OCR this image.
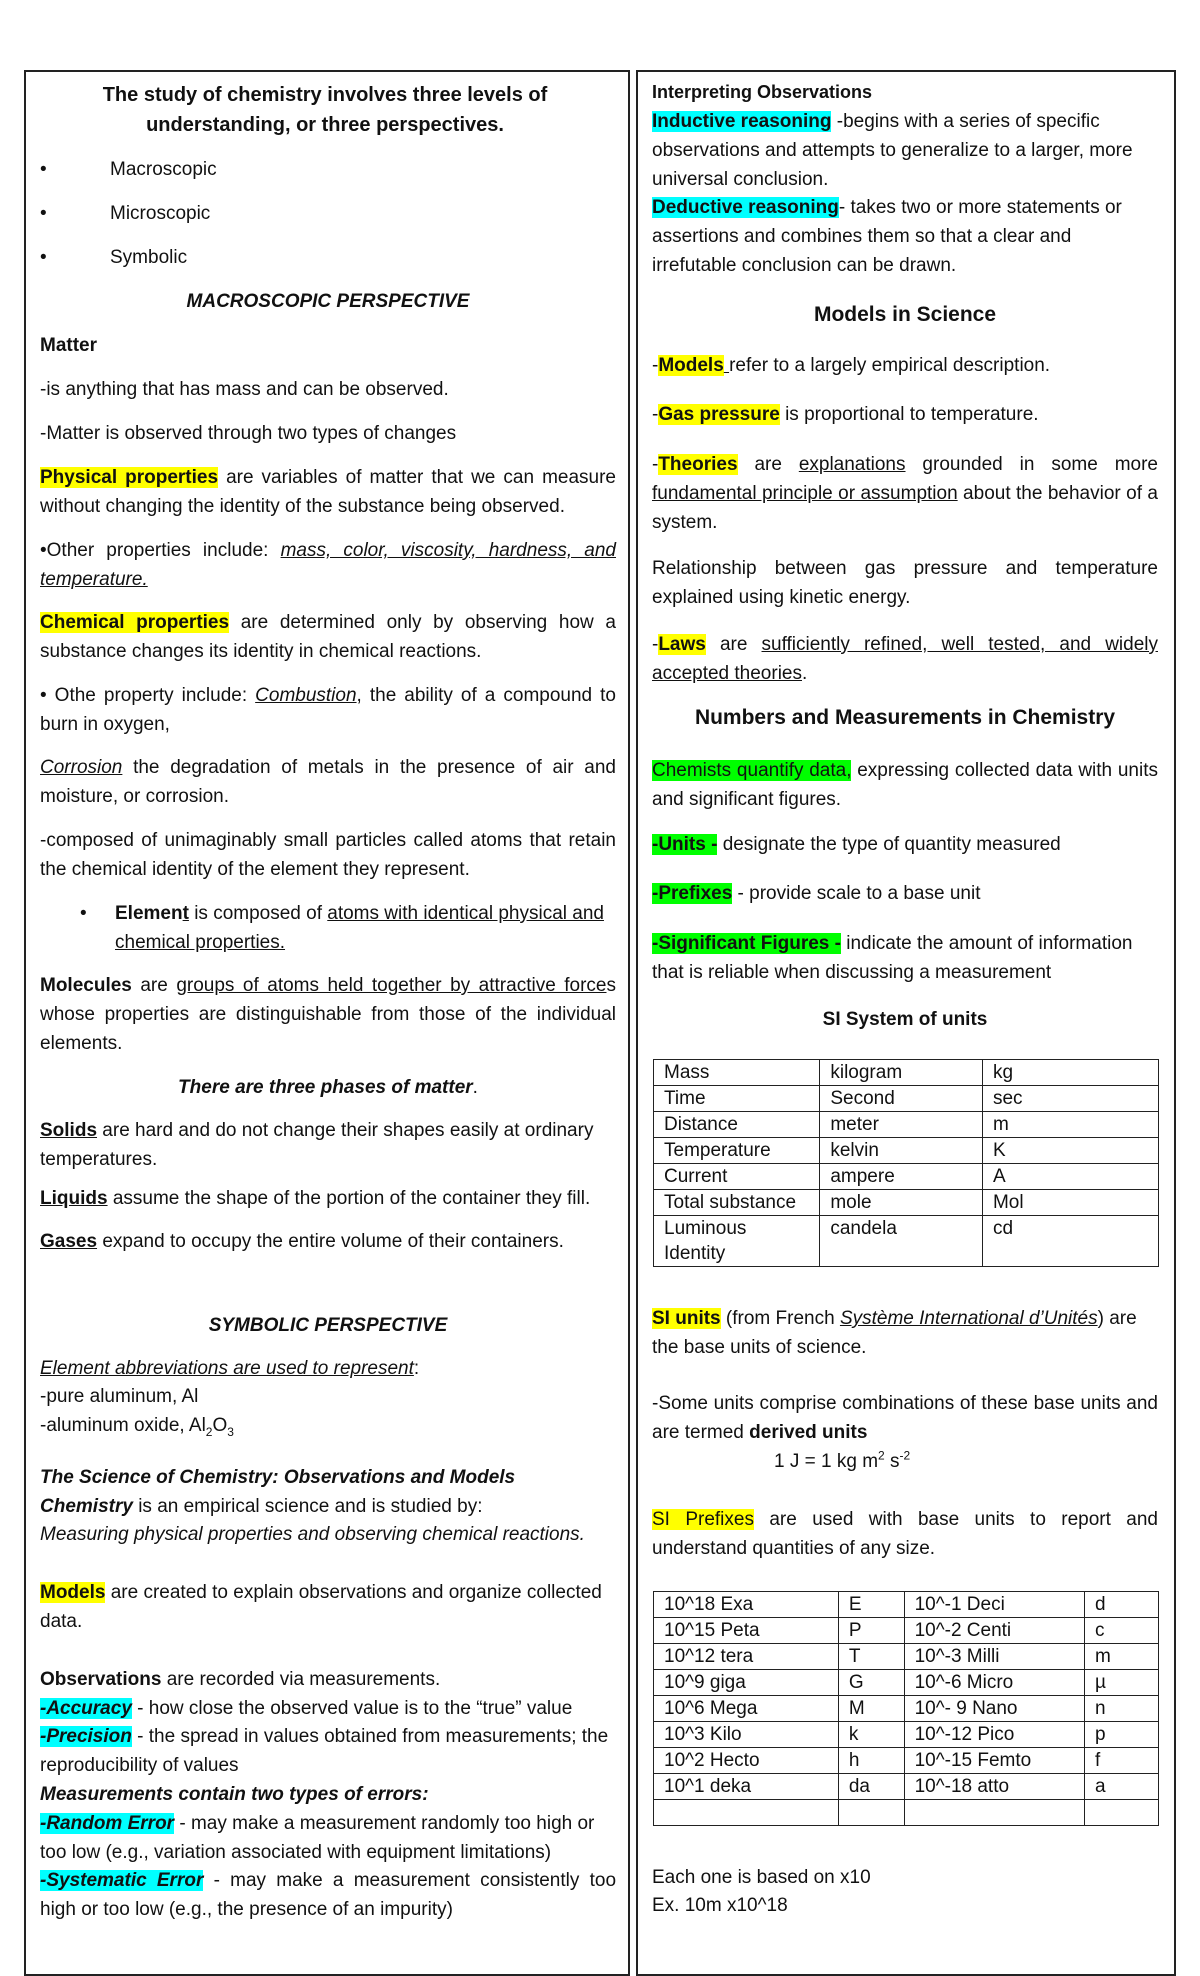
The study of chemistry involves three levels of understanding, or three perspectives.
•	Macroscopic
•	Microscopic
•	Symbolic
MACROSCOPIC PERSPECTIVE
Matter
-is anything that has mass and can be observed.
-Matter is observed through two types of changes
Physical properties are variables of matter that we can measure without changing the identity of the substance being observed.
•Other properties include: mass, color, viscosity, hardness, and temperature.
Chemical properties are determined only by observing how a substance changes its identity in chemical reactions.
• Othe property include: Combustion, the ability of a compound to burn in oxygen,
Corrosion the degradation of metals in the presence of air and moisture, or corrosion.
-composed of unimaginably small particles called atoms that retain the chemical identity of the element they represent.
• Element is composed of atoms with identical physical and chemical properties.
Molecules are groups of atoms held together by attractive forces whose properties are distinguishable from those of the individual elements.
There are three phases of matter.
Solids are hard and do not change their shapes easily at ordinary temperatures.
Liquids assume the shape of the portion of the container they fill.
Gases expand to occupy the entire volume of their containers.
SYMBOLIC PERSPECTIVE
Element abbreviations are used to represent:
-pure aluminum, Al
-aluminum oxide, $Al_2O_3$
The Science of Chemistry: Observations and Models
Chemistry is an empirical science and is studied by:
Measuring physical properties and observing chemical reactions.
Models are created to explain observations and organize collected data.
Observations are recorded via measurements.
-Accuracy - how close the observed value is to the “true” value
-Precision - the spread in values obtained from measurements; the reproducibility of values
Measurements contain two types of errors:
-Random Error - may make a measurement randomly too high or too low (e.g., variation associated with equipment limitations)
-Systematic Error - may make a measurement consistently too high or too low (e.g., the presence of an impurity)
Interpreting Observations
Inductive reasoning -begins with a series of specific observations and attempts to generalize to a larger, more universal conclusion.
Deductive reasoning- takes two or more statements or assertions and combines them so that a clear and irrefutable conclusion can be drawn.
Models in Science
-Models refer to a largely empirical description.
-Gas pressure is proportional to temperature.
-Theories are explanations grounded in some more fundamental principle or assumption about the behavior of a system.
Relationship between gas pressure and temperature explained using kinetic energy.
-Laws are sufficiently refined, well tested, and widely accepted theories.
Numbers and Measurements in Chemistry
Chemists quantify data, expressing collected data with units and significant figures.
-Units - designate the type of quantity measured
-Prefixes - provide scale to a base unit
-Significant Figures - indicate the amount of information that is reliable when discussing a measurement
SI System of units
Mass	kilogram	kg
Time	Second	sec
Distance	meter	m
Temperature	kelvin	K
Current	ampere	A
Total substance	mole	Mol
Luminous Identity	candela	cd
SI units (from French Système International d’Unités) are the base units of science.
-Some units comprise combinations of these base units and are termed derived units
1 J = 1 kg $m^2$ $s^{-2}$
SI Prefixes are used with base units to report and understand quantities of any size.
10^18 Exa	E	10^-1 Deci	d
10^15 Peta	P	10^-2 Centi	c
10^12 tera	T	10^-3 Milli	m
10^9 giga	G	10^-6 Micro	µ
10^6 Mega	M	10^- 9 Nano	n
10^3 Kilo	k	10^-12 Pico	p
10^2 Hecto	h	10^-15 Femto	f
10^1 deka	da	10^-18 atto	a

Each one is based on x10
Ex. 10m x10^18
